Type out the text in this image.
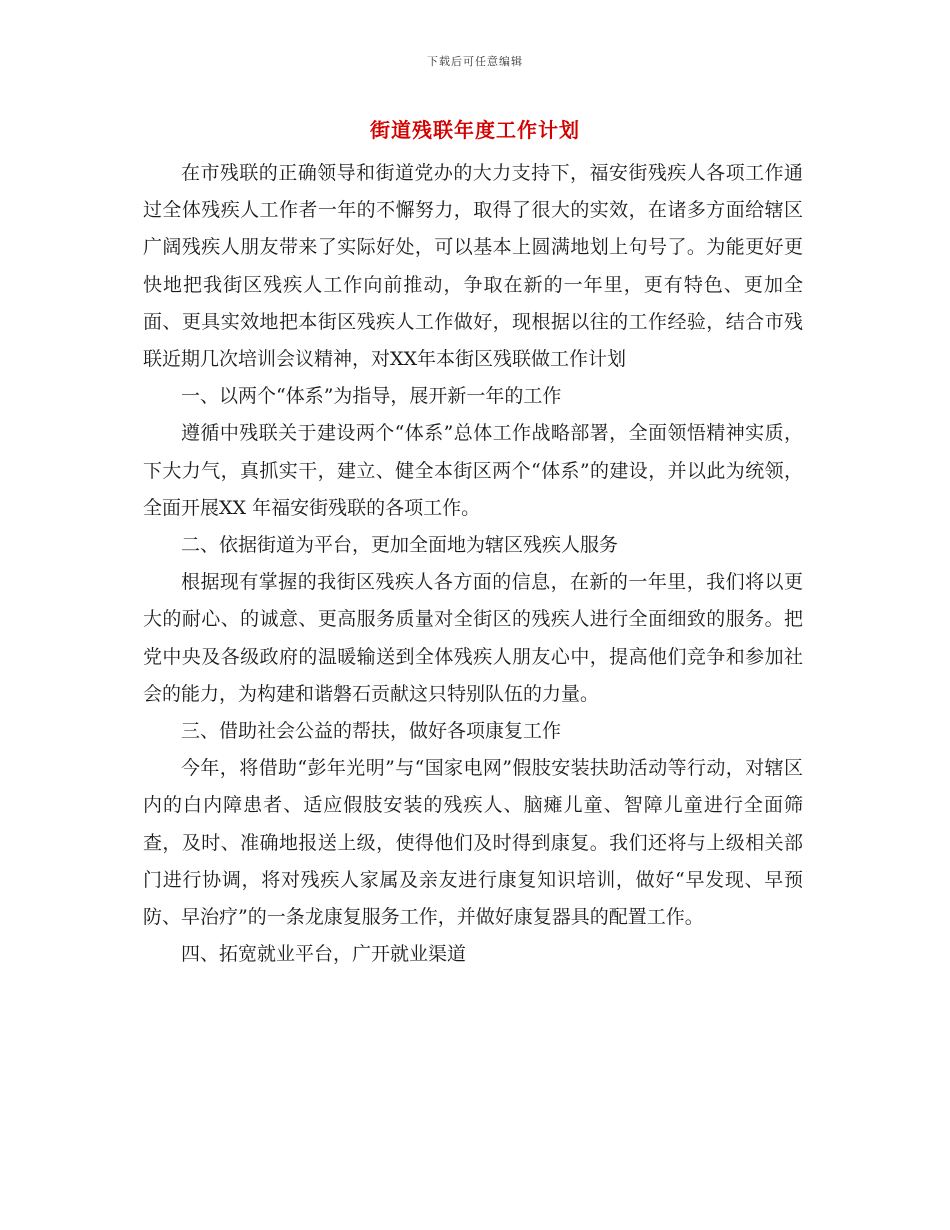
下载后可任意编辑
街道残联年度工作计划

在市残联的正确领导和街道党办的大力支持下，福安街残疾人各项工作通过全体残疾人工作者一年的不懈努力，取得了很大的实效，在诸多方面给辖区广阔残疾人朋友带来了实际好处，可以基本上圆满地划上句号了。为能更好更快地把我街区残疾人工作向前推动，争取在新的一年里，更有特色、更加全面、更具实效地把本街区残疾人工作做好，现根据以往的工作经验，结合市残联近期几次培训会议精神，对XX年本街区残联做工作计划

一、以两个“体系”为指导，展开新一年的工作

遵循中残联关于建设两个“体系”总体工作战略部署，全面领悟精神实质，下大力气，真抓实干，建立、健全本街区两个“体系”的建设，并以此为统领，全面开展XX 年福安街残联的各项工作。

二、依据街道为平台，更加全面地为辖区残疾人服务

根据现有掌握的我街区残疾人各方面的信息，在新的一年里，我们将以更大的耐心、的诚意、更高服务质量对全街区的残疾人进行全面细致的服务。把党中央及各级政府的温暖输送到全体残疾人朋友心中，提高他们竞争和参加社会的能力，为构建和谐磐石贡献这只特别队伍的力量。

三、借助社会公益的帮扶，做好各项康复工作

今年，将借助“彭年光明”与“国家电网”假肢安装扶助活动等行动，对辖区内的白内障患者、适应假肢安装的残疾人、脑瘫儿童、智障儿童进行全面筛查，及时、准确地报送上级，使得他们及时得到康复。我们还将与上级相关部门进行协调，将对残疾人家属及亲友进行康复知识培训，做好“早发现、早预防、早治疗”的一条龙康复服务工作，并做好康复器具的配置工作。

四、拓宽就业平台，广开就业渠道
